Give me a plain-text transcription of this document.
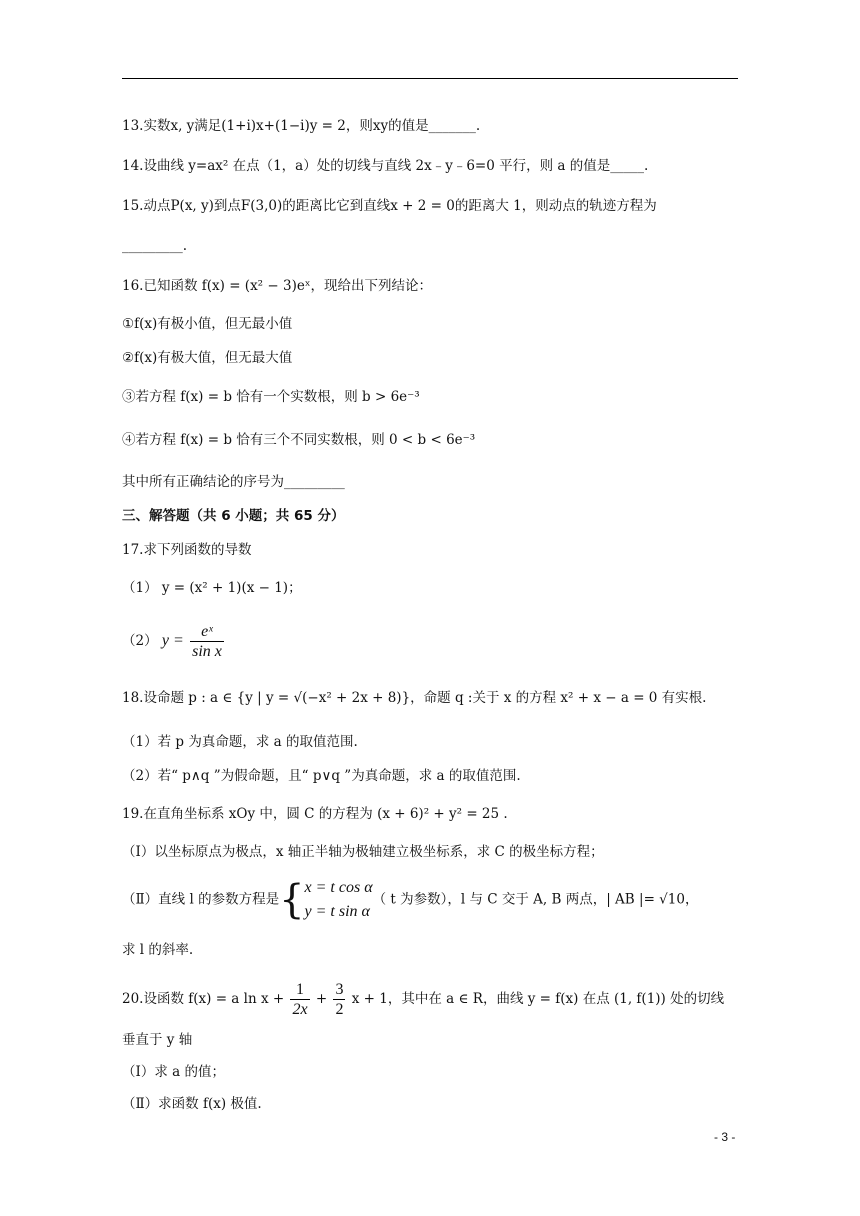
13.实数x, y满足(1+i)x+(1−i)y = 2，则xy的值是_______.
14.设曲线 y=ax² 在点（1，a）处的切线与直线 2x﹣y﹣6=0 平行，则 a 的值是_____.
15.动点P(x, y)到点F(3,0)的距离比它到直线x + 2 = 0的距离大 1，则动点的轨迹方程为
_________.
16.已知函数 f(x) = (x² − 3)eˣ，现给出下列结论：
①f(x)有极小值，但无最小值
②f(x)有极大值，但无最大值
③若方程 f(x) = b 恰有一个实数根，则 b > 6e⁻³
④若方程 f(x) = b 恰有三个不同实数根，则 0 < b < 6e⁻³
其中所有正确结论的序号为_________
三、解答题（共 6 小题；共 65 分）
17.求下列函数的导数
（1） y = (x² + 1)(x − 1)；
（2） $y = \frac{\text{eˣ}}{\text{sin x}}$
18.设命题 p : a ∈ {y | y = √(−x² + 2x + 8)}，命题 q :关于 x 的方程 x² + x − a = 0 有实根.
（1）若 p 为真命题，求 a 的取值范围.
（2）若“ p∧q ”为假命题，且“ p∨q ”为真命题，求 a 的取值范围.
19.在直角坐标系 xOy 中，圆 C 的方程为 (x + 6)² + y² = 25 .
（Ⅰ）以坐标原点为极点，x 轴正半轴为极轴建立极坐标系，求 C 的极坐标方程；
（Ⅱ）直线 l 的参数方程是{ x = t cos α
y = t sin α
（ t 为参数），l 与 C 交于 A, B 两点，| AB |= √10，
求 l 的斜率.
20.设函数 f(x) = a $\ln x + \frac{1}{2x} + \frac{3}{2}$ x + 1，其中在 a ∈ R，曲线 y = f(x) 在点 (1, f(1)) 处的切线
垂直于 y 轴
（Ⅰ）求 a 的值；
（Ⅱ）求函数 f(x) 极值.
- 3 -
